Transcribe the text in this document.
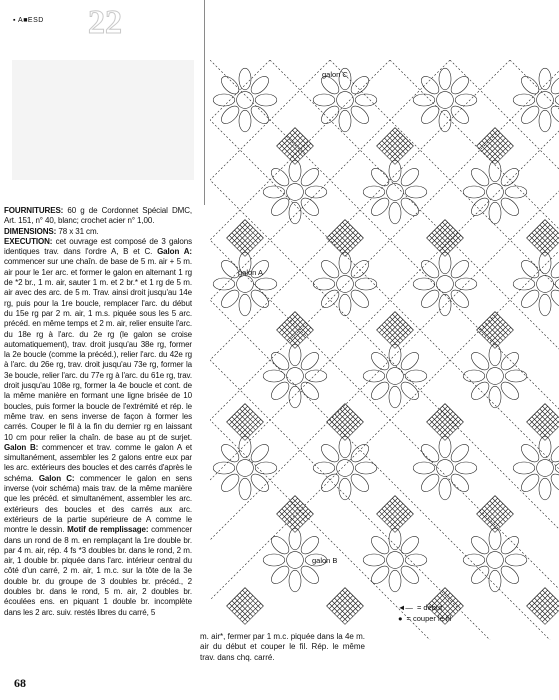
▪ A■ESD 22

FOURNITURES: 60 g de Cordonnet Spécial DMC, Art. 151, n° 40, blanc; crochet acier n° 1,00.

DIMENSIONS: 78 x 31 cm.

EXECUTION: cet ouvrage est composé de 3 galons identiques trav. dans l'ordre A, B et C. Galon A: commencer sur une chaîn. de base de 5 m. air + 5 m. air pour le 1er arc. et former le galon en alternant 1 rg de *2 br., 1 m. air, sauter 1 m. et 2 br.* et 1 rg de 5 m. air avec des arc. de 5 m. Trav. ainsi droit jusqu'au 14e rg, puis pour la 1re boucle, remplacer l'arc. du début du 15e rg par 2 m. air, 1 m.s. piquée sous les 5 arc. précéd. en même temps et 2 m. air, relier ensuite l'arc. du 18e rg à l'arc. du 2e rg (le galon se croise automatiquement), trav. droit jusqu'au 38e rg, former la 2e boucle (comme la précéd.), relier l'arc. du 42e rg à l'arc. du 26e rg, trav. droit jusqu'au 73e rg, former la 3e boucle, relier l'arc. du 77e rg à l'arc. du 61e rg, trav. droit jusqu'au 108e rg, former la 4e boucle et cont. de la même manière en formant une ligne brisée de 10 boucles, puis former la boucle de l'extrémité et rép. le même trav. en sens inverse de façon à former les carrés. Couper le fil à la fin du dernier rg en laissant 10 cm pour relier la chaîn. de base au pt de surjet. Galon B: commencer et trav. comme le galon A et simultanément, assembler les 2 galons entre eux par les arc. extérieurs des boucles et des carrés d'après le schéma. Galon C: commencer le galon en sens inverse (voir schéma) mais trav. de la même manière que les précéd. et simultanément, assembler les arc. extérieurs des boucles et des carrés aux arc. extérieurs de la partie supérieure de A comme le montre le dessin. Motif de remplissage: commencer dans un rond de 8 m. en remplaçant la 1re double br. par 4 m. air, rép. 4 fs *3 doubles br. dans le rond, 2 m. air, 1 double br. piquée dans l'arc. intérieur central du côté d'un carré, 2 m. air, 1 m.c. sur la tôte de la 3e double br. du groupe de 3 doubles br. précéd., 2 doubles br. dans le rond, 5 m. air, 2 doubles br. écoulées ens. en piquant 1 double br. incomplète dans les 2 arc. suiv. restés libres du carré, 5

m. air*, fermer par 1 m.c. piquée dans la 4e m. air du début et couper le fil. Rép. le même trav. dans chq. carré.
68
galon C
galon A
galon B
◄— = début
● = couper le fil
